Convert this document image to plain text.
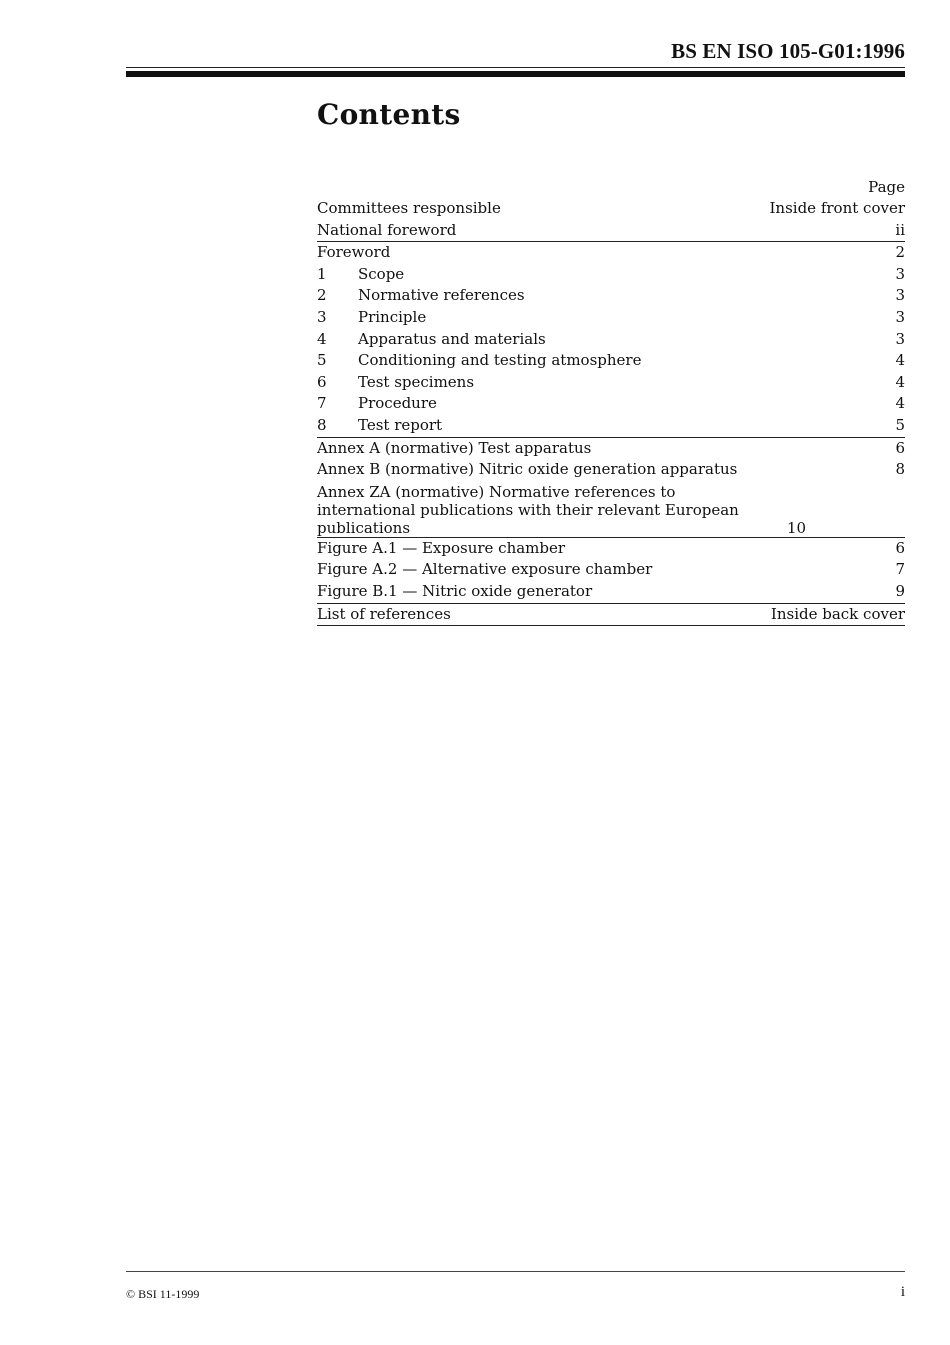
BS EN ISO 105-G01:1996
Contents
Page
Committees responsible	Inside front cover
National foreword	ii
Foreword	2
1	Scope	3
2	Normative references	3
3	Principle	3
4	Apparatus and materials	3
5	Conditioning and testing atmosphere	4
6	Test specimens	4
7	Procedure	4
8	Test report	5
Annex A (normative) Test apparatus	6
Annex B (normative) Nitric oxide generation apparatus	8
Annex ZA (normative) Normative references to international publications with their relevant European publications	10
Figure A.1 — Exposure chamber	6
Figure A.2 — Alternative exposure chamber	7
Figure B.1 — Nitric oxide generator	9
List of references	Inside back cover
© BSI 11-1999	i
